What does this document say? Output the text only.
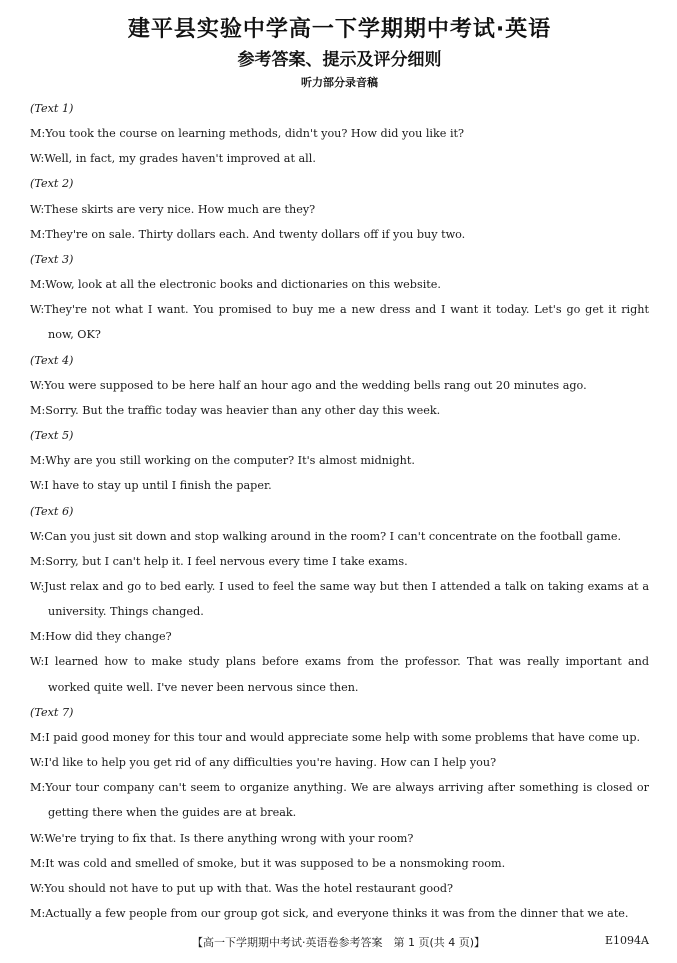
建平县实验中学高一下学期期中考试·英语
参考答案、提示及评分细则
听力部分录音稿
(Text 1)
M:You took the course on learning methods, didn't you? How did you like it?
W:Well, in fact, my grades haven't improved at all.
(Text 2)
W:These skirts are very nice. How much are they?
M:They're on sale. Thirty dollars each. And twenty dollars off if you buy two.
(Text 3)
M:Wow, look at all the electronic books and dictionaries on this website.
W:They're not what I want. You promised to buy me a new dress and I want it today. Let's go get it right now, OK?
(Text 4)
W:You were supposed to be here half an hour ago and the wedding bells rang out 20 minutes ago.
M:Sorry. But the traffic today was heavier than any other day this week.
(Text 5)
M:Why are you still working on the computer? It's almost midnight.
W:I have to stay up until I finish the paper.
(Text 6)
W:Can you just sit down and stop walking around in the room? I can't concentrate on the football game.
M:Sorry, but I can't help it. I feel nervous every time I take exams.
W:Just relax and go to bed early. I used to feel the same way but then I attended a talk on taking exams at a university. Things changed.
M:How did they change?
W:I learned how to make study plans before exams from the professor. That was really important and worked quite well. I've never been nervous since then.
(Text 7)
M:I paid good money for this tour and would appreciate some help with some problems that have come up.
W:I'd like to help you get rid of any difficulties you're having. How can I help you?
M:Your tour company can't seem to organize anything. We are always arriving after something is closed or getting there when the guides are at break.
W:We're trying to fix that. Is there anything wrong with your room?
M:It was cold and smelled of smoke, but it was supposed to be a nonsmoking room.
W:You should not have to put up with that. Was the hotel restaurant good?
M:Actually a few people from our group got sick, and everyone thinks it was from the dinner that we ate.
【高一下学期期中考试·英语卷参考答案　第 1 页(共 4 页)】	E1094A
